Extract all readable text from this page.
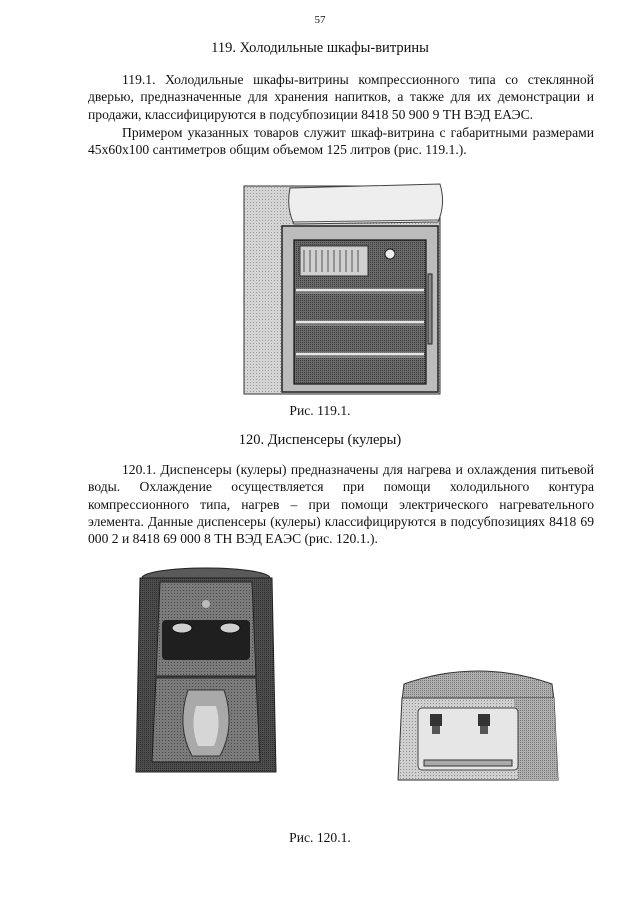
57
119. Холодильные шкафы-витрины

119.1. Холодильные шкафы-витрины компрессионного типа со стеклянной дверью, предназначенные для хранения напитков, а также для их демонстрации и продажи, классифицируются в подсубпозиции 8418 50 900 9 ТН ВЭД ЕАЭС.

Примером указанных товаров служит шкаф-витрина с габаритными размерами 45х60х100 сантиметров общим объемом 125 литров (рис. 119.1.).

Рис. 119.1.
120. Диспенсеры (кулеры)

120.1. Диспенсеры (кулеры) предназначены для нагрева и охлаждения питьевой воды. Охлаждение осуществляется при помощи холодильного контура компрессионного типа, нагрев – при помощи электрического нагревательного элемента. Данные диспенсеры (кулеры) классифицируются в подсубпозициях 8418 69 000 2 и 8418 69 000 8 ТН ВЭД ЕАЭС (рис. 120.1.).

Рис. 120.1.
